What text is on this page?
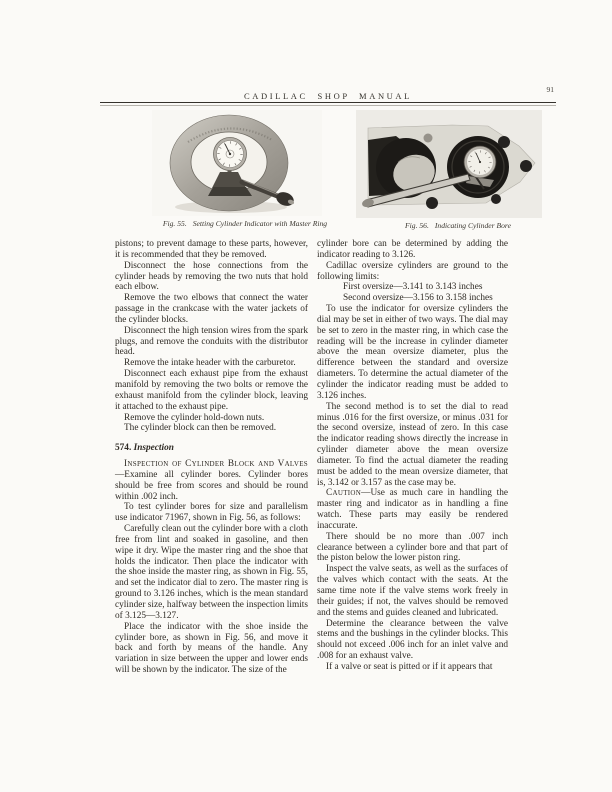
CADILLAC SHOP MANUAL
91
Fig. 55. Setting Cylinder Indicator with Master Ring	Fig. 56. Indicating Cylinder Bore

pistons; to prevent damage to these parts, however, it is recommended that they be removed.

Disconnect the hose connections from the cylinder heads by removing the two nuts that hold each elbow.

Remove the two elbows that connect the water passage in the crankcase with the water jackets of the cylinder blocks.

Disconnect the high tension wires from the spark plugs, and remove the conduits with the distributor head.

Remove the intake header with the carburetor.

Disconnect each exhaust pipe from the exhaust manifold by removing the two bolts or remove the exhaust manifold from the cylinder block, leaving it attached to the exhaust pipe.

Remove the cylinder hold-down nuts.

The cylinder block can then be removed.

574. Inspection

Inspection of Cylinder Block and Valves—Examine all cylinder bores. Cylinder bores should be free from scores and should be round within .002 inch.

To test cylinder bores for size and parallelism use indicator 71967, shown in Fig. 56, as follows:

Carefully clean out the cylinder bore with a cloth free from lint and soaked in gasoline, and then wipe it dry. Wipe the master ring and the shoe that holds the indicator. Then place the indicator with the shoe inside the master ring, as shown in Fig. 55, and set the indicator dial to zero. The master ring is ground to 3.126 inches, which is the mean standard cylinder size, halfway between the inspection limits of 3.125—3.127.

Place the indicator with the shoe inside the cylinder bore, as shown in Fig. 56, and move it back and forth by means of the handle. Any variation in size between the upper and lower ends will be shown by the indicator. The size of the

cylinder bore can be determined by adding the indicator reading to 3.126.

Cadillac oversize cylinders are ground to the following limits:

First oversize—3.141 to 3.143 inches

Second oversize—3.156 to 3.158 inches

To use the indicator for oversize cylinders the dial may be set in either of two ways. The dial may be set to zero in the master ring, in which case the reading will be the increase in cylinder diameter above the mean oversize diameter, plus the difference between the standard and oversize diameters. To determine the actual diameter of the cylinder the indicator reading must be added to 3.126 inches.

The second method is to set the dial to read minus .016 for the first oversize, or minus .031 for the second oversize, instead of zero. In this case the indicator reading shows directly the increase in cylinder diameter above the mean oversize diameter. To find the actual diameter the reading must be added to the mean oversize diameter, that is, 3.142 or 3.157 as the case may be.

Caution—Use as much care in handling the master ring and indicator as in handling a fine watch. These parts may easily be rendered inaccurate.

There should be no more than .007 inch clearance between a cylinder bore and that part of the piston below the lower piston ring.

Inspect the valve seats, as well as the surfaces of the valves which contact with the seats. At the same time note if the valve stems work freely in their guides; if not, the valves should be removed and the stems and guides cleaned and lubricated.

Determine the clearance between the valve stems and the bushings in the cylinder blocks. This should not exceed .006 inch for an inlet valve and .008 for an exhaust valve.

If a valve or seat is pitted or if it appears that
